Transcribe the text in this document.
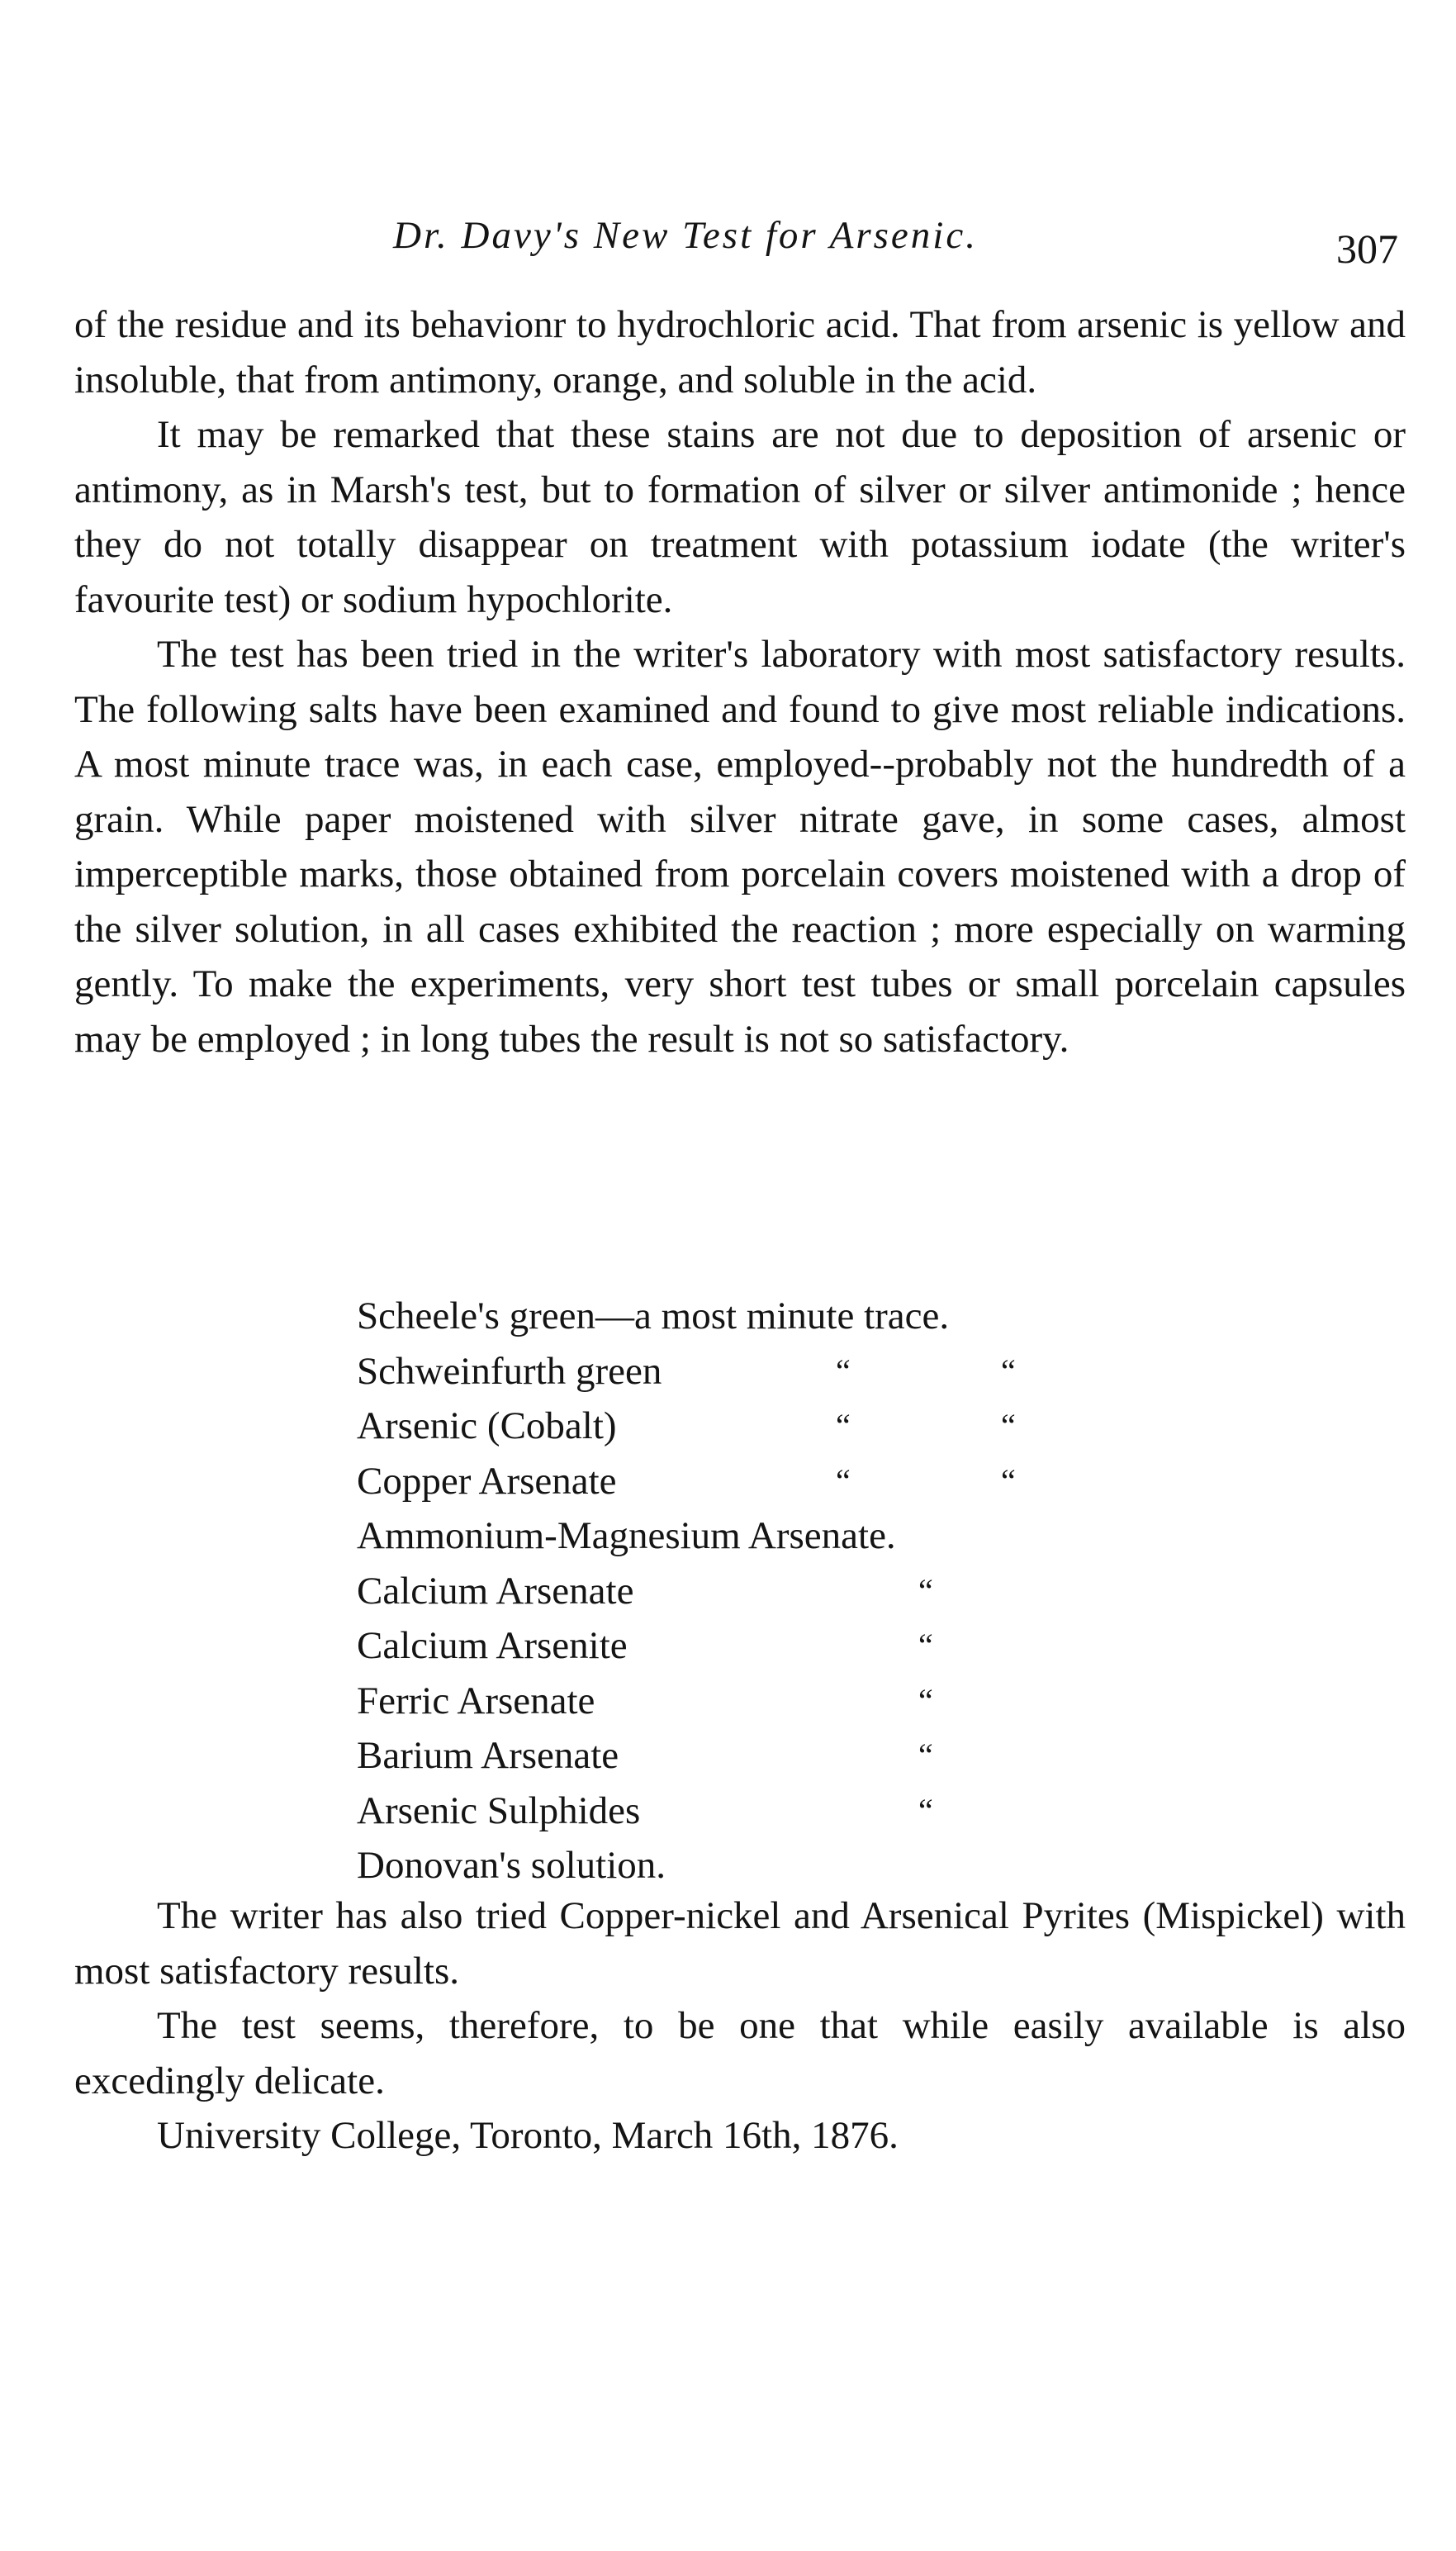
Dr. Davy's New Test for Arsenic.	307

of the residue and its behavionr to hydrochloric acid. That from arsenic is yellow and insoluble, that from antimony, orange, and soluble in the acid.

It may be remarked that these stains are not due to deposition of arsenic or antimony, as in Marsh's test, but to formation of silver or silver antimonide ; hence they do not totally disappear on treatment with potassium iodate (the writer's favourite test) or sodium hypochlorite.

The test has been tried in the writer's laboratory with most satisfactory results. The following salts have been examined and found to give most reliable indications. A most minute trace was, in each case, employed--probably not the hundredth of a grain. While paper moistened with silver nitrate gave, in some cases, almost imperceptible marks, those obtained from porcelain covers moistened with a drop of the silver solution, in all cases exhibited the reaction ; more especially on warming gently. To make the experiments, very short test tubes or small porcelain capsules may be employed ; in long tubes the result is not so satisfactory.

Scheele's green—a most minute trace.
Schweinfurth green	“	“
Arsenic (Cobalt)	“	“
Copper Arsenate	“	“
Ammonium-Magnesium Arsenate.
Calcium Arsenate	“
Calcium Arsenite	“
Ferric Arsenate	“
Barium Arsenate	“
Arsenic Sulphides	“
Donovan's solution.

The writer has also tried Copper-nickel and Arsenical Pyrites (Mispickel) with most satisfactory results.

The test seems, therefore, to be one that while easily available is also excedingly delicate.

University College, Toronto, March 16th, 1876.
